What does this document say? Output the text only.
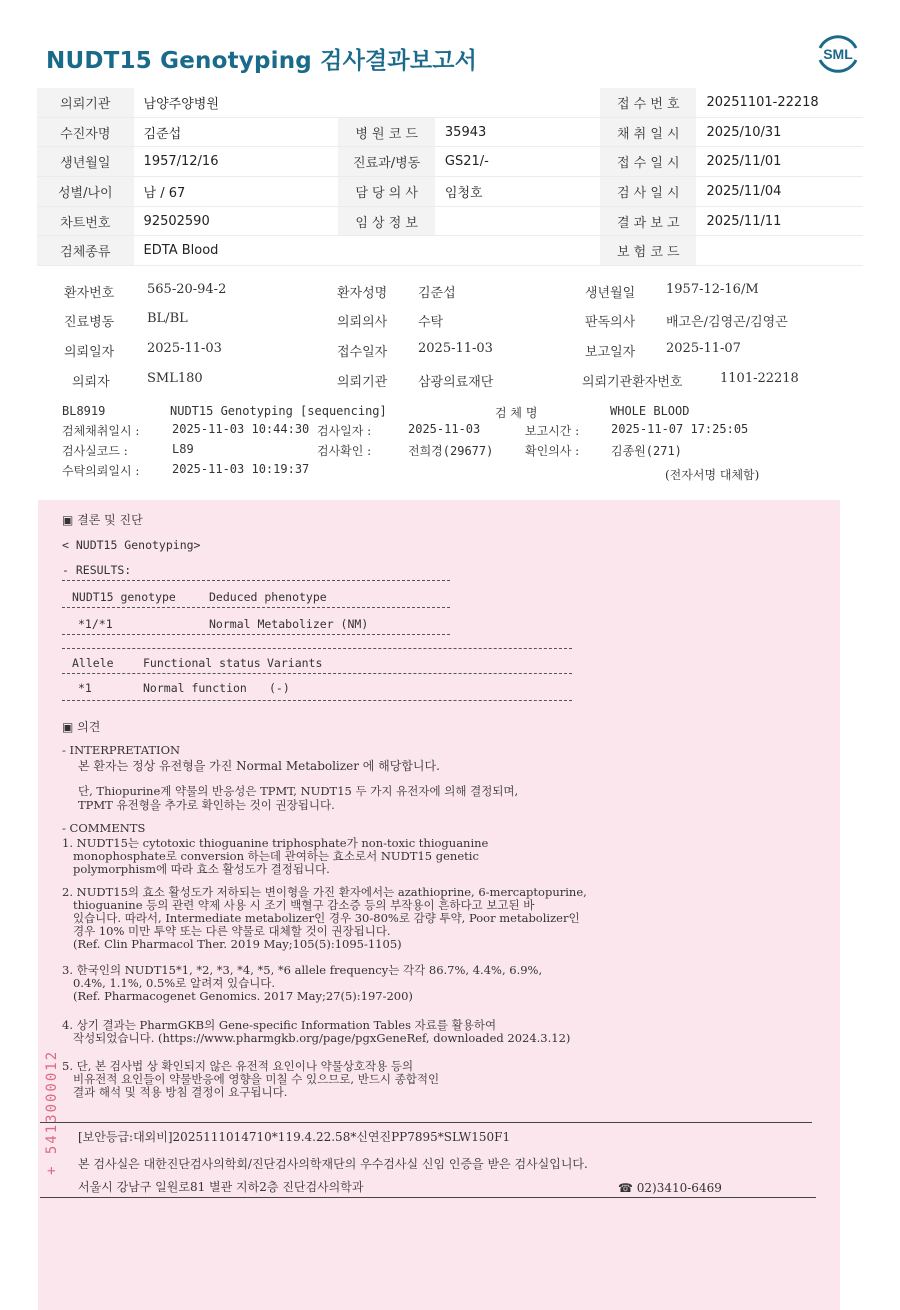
NUDT15 Genotyping 검사결과보고서	SML
의뢰기관	남양주양병원			접 수 번 호	20251101-22218
수진자명	김준섭	병 원 코 드	35943	채 취 일 시	2025/10/31
생년월일	1957/12/16	진료과/병동	GS21/-	접 수 일 시	2025/11/01
성별/나이	남 / 67	담 당 의 사	임청호	검 사 일 시	2025/11/04
차트번호	92502590	임 상 정 보		결 과 보 고	2025/11/11
검체종류	EDTA Blood			보 험 코 드	
환자번호	565-20-94-2	환자성명 김준섭	생년월일 1957-12-16/M
진료병동	BL/BL	의뢰의사 수탁	판독의사 배고은/김영곤/김영곤
의뢰일자	2025-11-03	접수일자 2025-11-03	보고일자 2025-11-07
의뢰자	SML180	의뢰기관 삼광의료재단	의뢰기관환자번호	1101-22218
BL8919	NUDT15 Genotyping [sequencing]	검 체 명	WHOLE BLOOD
검체채취일시 :	2025-11-03 10:44:30 검사일자 :	2025-11-03	보고시간 :	2025-11-07 17:25:05
검사실코드 :	L89	검사확인 :	전희경(29677)	확인의사 :	김종원(271)
수탁의뢰일시 :	2025-11-03 10:19:37	(전자서명 대체함)
▣ 결론 및 진단
< NUDT15 Genotyping>
- RESULTS:
NUDT15 genotype	Deduced phenotype
*1/*1	Normal Metabolizer (NM)
Allele	Functional status Variants
*1	Normal function (-)
▣ 의견
- INTERPRETATION
본 환자는 정상 유전형을 가진 Normal Metabolizer 에 해당합니다.
단, Thiopurine계 약물의 반응성은 TPMT, NUDT15 두 가지 유전자에 의해 결정되며,
TPMT 유전형을 추가로 확인하는 것이 권장됩니다.
- COMMENTS
1. NUDT15는 cytotoxic thioguanine triphosphate가 non-toxic thioguanine
monophosphate로 conversion 하는데 관여하는 효소로서 NUDT15 genetic
polymorphism에 따라 효소 활성도가 결정됩니다.
2. NUDT15의 효소 활성도가 저하되는 변이형을 가진 환자에서는 azathioprine, 6-mercaptopurine,
thioguanine 등의 관련 약제 사용 시 조기 백혈구 감소증 등의 부작용이 흔하다고 보고된 바
있습니다. 따라서, Intermediate metabolizer인 경우 30-80%로 감량 투약, Poor metabolizer인
경우 10% 미만 투약 또는 다른 약물로 대체할 것이 권장됩니다.
(Ref. Clin Pharmacol Ther. 2019 May;105(5):1095-1105)
3. 한국인의 NUDT15*1, *2, *3, *4, *5, *6 allele frequency는 각각 86.7%, 4.4%, 6.9%,
0.4%, 1.1%, 0.5%로 알려져 있습니다.
(Ref. Pharmacogenet Genomics. 2017 May;27(5):197-200)
4. 상기 결과는 PharmGKB의 Gene-specific Information Tables 자료를 활용하여
작성되었습니다. (https://www.pharmgkb.org/page/pgxGeneRef, downloaded 2024.3.12)
5. 단, 본 검사법 상 확인되지 않은 유전적 요인이나 약물상호작용 등의
비유전적 요인들이 약물반응에 영향을 미칠 수 있으므로, 반드시 종합적인
결과 해석 및 적용 방침 결정이 요구됩니다.
+ 5413000012 [보안등급:대외비]2025111014710*119.4.22.58*신연진PP7895*SLW150F1
본 검사실은 대한진단검사의학회/진단검사의학재단의 우수검사실 신임 인증을 받은 검사실입니다.
서울시 강남구 일원로81 별관 지하2층 진단검사의학과	☎ 02)3410-6469
